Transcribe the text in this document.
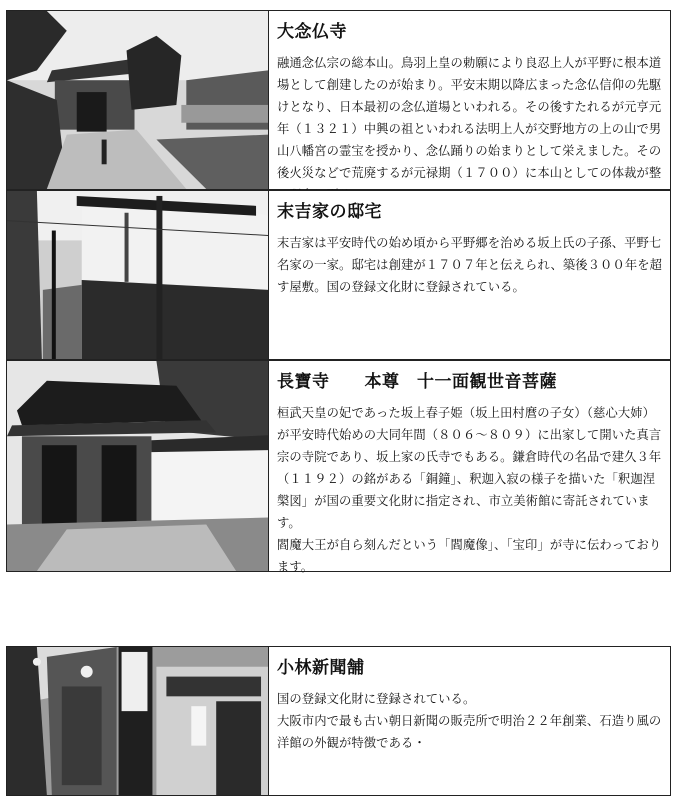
大念仏寺

融通念仏宗の総本山。鳥羽上皇の勅願により良忍上人が平野に根本道場として創建したのが始まり。平安末期以降広まった念仏信仰の先駆けとなり、日本最初の念仏道場といわれる。その後すたれるが元亨元年（１３２１）中興の祖といわれる法明上人が交野地方の上の山で男山八幡宮の霊宝を授かり、念仏踊りの始まりとして栄えました。その後火災などで荒廃するが元禄期（１７００）に本山としての体裁が整

末吉家の邸宅

末吉家は平安時代の始め頃から平野郷を治める坂上氏の子孫、平野七名家の一家。邸宅は創建が１７０７年と伝えられ、築後３００年を超す屋敷。国の登録文化財に登録されている。

長寶寺　　本尊　十一面観世音菩薩

桓武天皇の妃であった坂上春子姫（坂上田村麿の子女）（慈心大姉）が平安時代始めの大同年間（８０６～８０９）に出家して開いた真言宗の寺院であり、坂上家の氏寺でもある。鎌倉時代の名品で建久３年（１１９２）の銘がある「銅鐘」、釈迦入寂の様子を描いた「釈迦涅槃図」が国の重要文化財に指定され、市立美術館に寄託されています。

閻魔大王が自ら刻んだという「閻魔像」、「宝印」が寺に伝わっております。

小林新聞舗

国の登録文化財に登録されている。

大阪市内で最も古い朝日新聞の販売所で明治２２年創業、石造り風の洋館の外観が特徴である・
